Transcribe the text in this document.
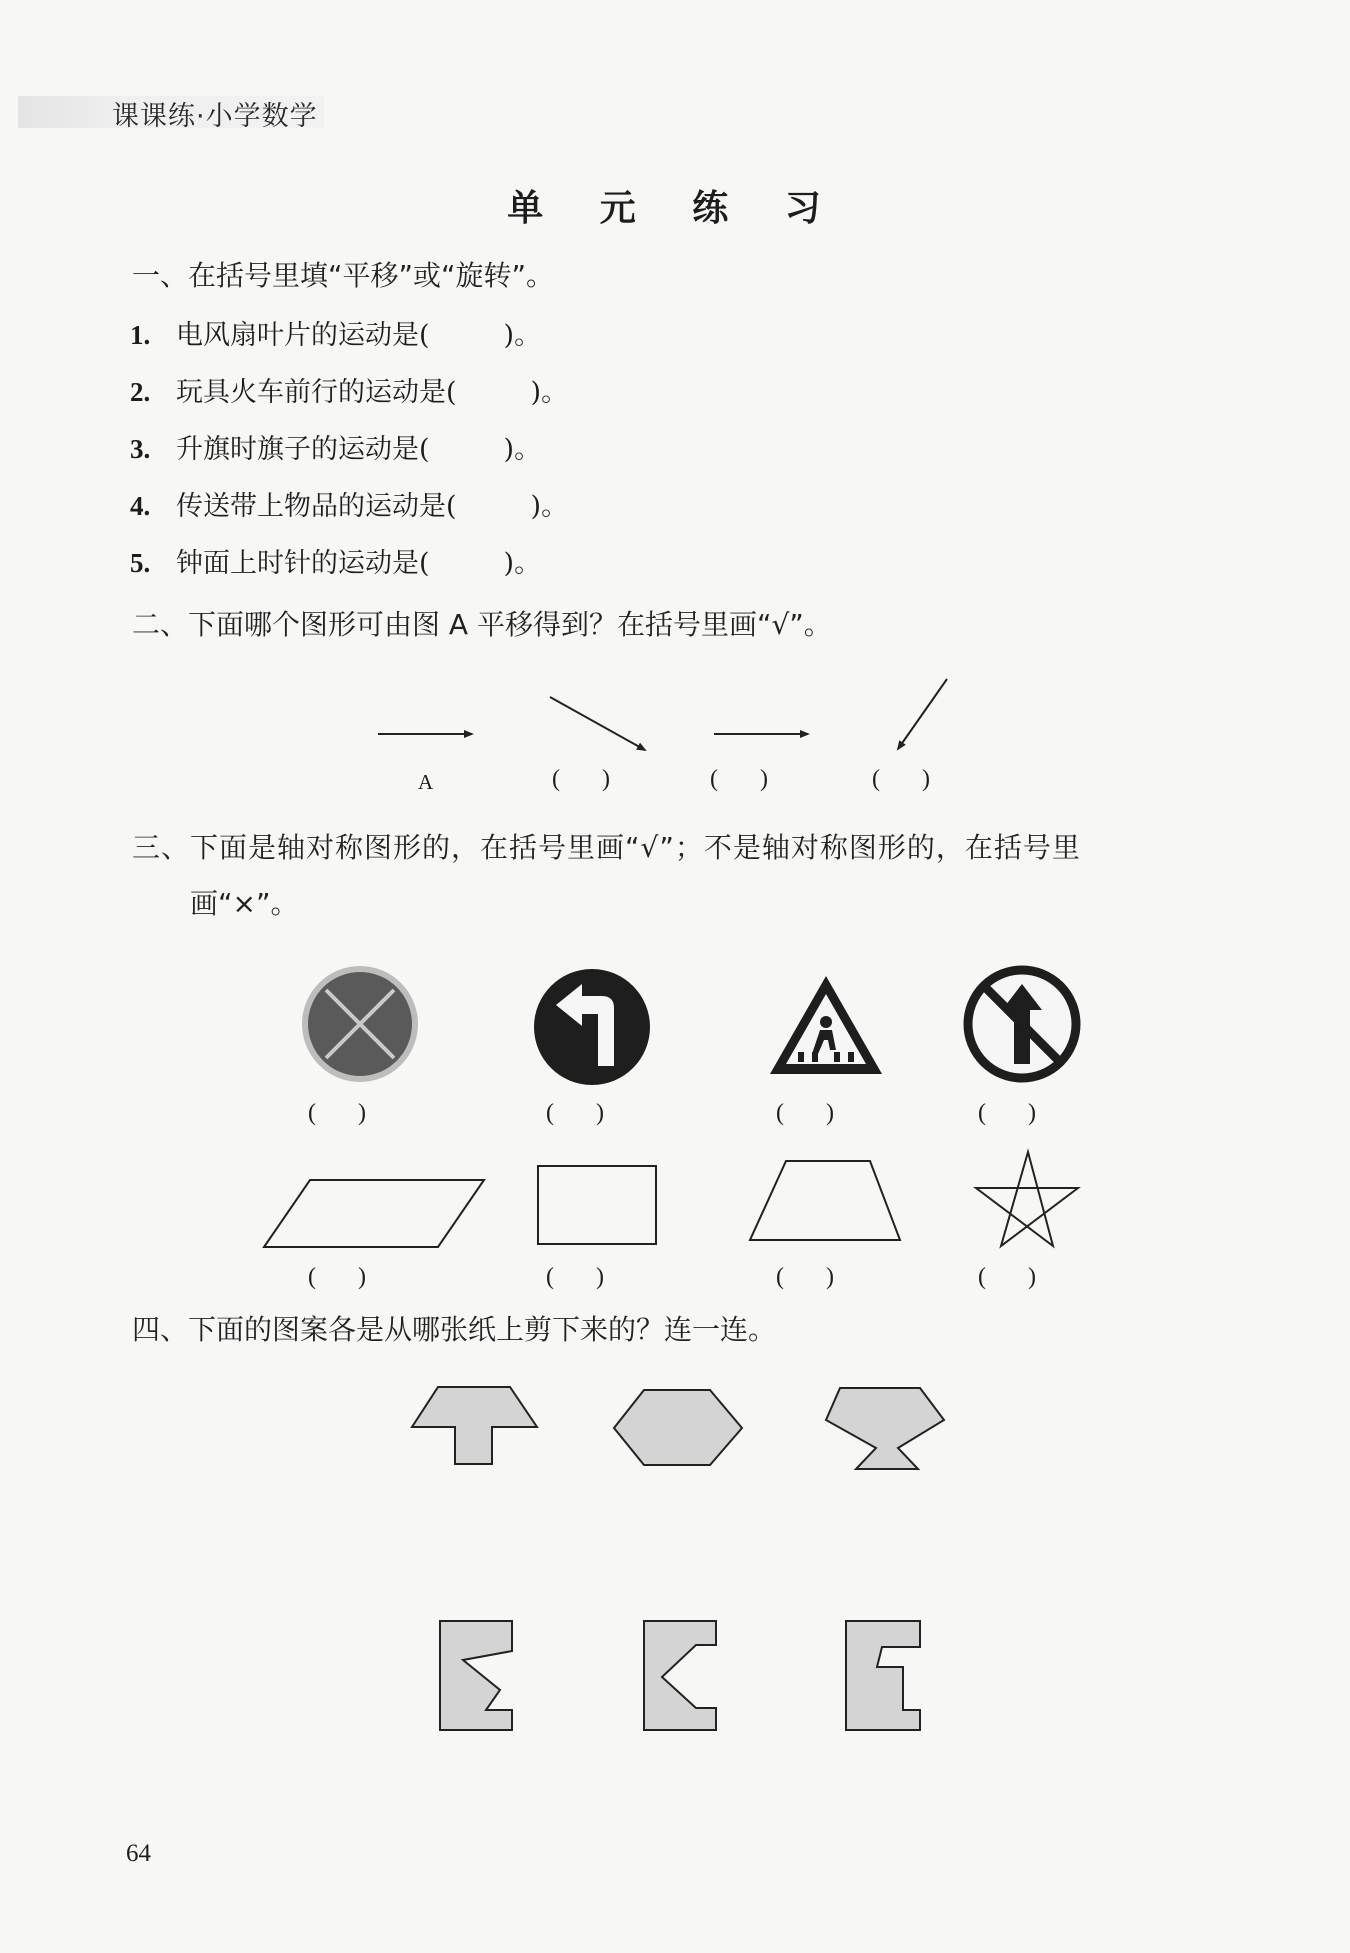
课课练·小学数学
单 元 练 习
一、在括号里填“平移”或“旋转”。
1. 电风扇叶片的运动是(	)。
2. 玩具火车前行的运动是(	)。
3. 升旗时旗子的运动是(	)。
4. 传送带上物品的运动是(	)。
5. 钟面上时针的运动是(	)。
二、下面哪个图形可由图 A 平移得到？在括号里画“√”。
A	(       )	(       )	(       )
三、下面是轴对称图形的，在括号里画“√”；不是轴对称图形的，在括号里
画“×”。
(       )	(       )	(       )	(       )
(       )	(       )	(       )	(       )
四、下面的图案各是从哪张纸上剪下来的？连一连。
64
